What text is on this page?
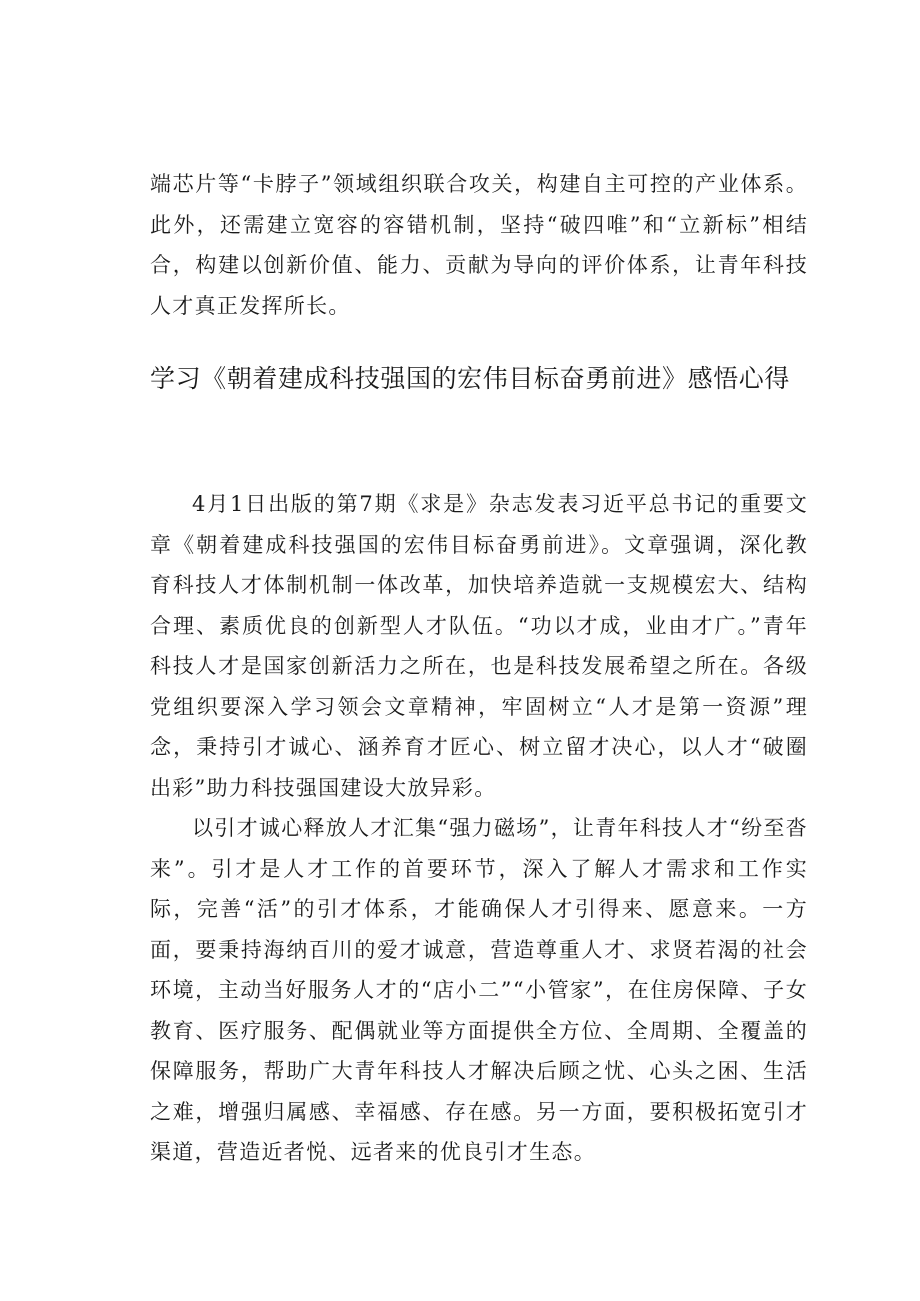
端芯片等“卡脖子”领域组织联合攻关，构建自主可控的产业体系。此外，还需建立宽容的容错机制，坚持“破四唯”和“立新标”相结合，构建以创新价值、能力、贡献为导向的评价体系，让青年科技人才真正发挥所长。

学习《朝着建成科技强国的宏伟目标奋勇前进》感悟心得

4月1日出版的第7期《求是》杂志发表习近平总书记的重要文章《朝着建成科技强国的宏伟目标奋勇前进》。文章强调，深化教育科技人才体制机制一体改革，加快培养造就一支规模宏大、结构合理、素质优良的创新型人才队伍。“功以才成，业由才广。”青年科技人才是国家创新活力之所在，也是科技发展希望之所在。各级党组织要深入学习领会文章精神，牢固树立“人才是第一资源”理念，秉持引才诚心、涵养育才匠心、树立留才决心，以人才“破圈出彩”助力科技强国建设大放异彩。

以引才诚心释放人才汇集“强力磁场”，让青年科技人才“纷至沓来”。引才是人才工作的首要环节，深入了解人才需求和工作实际，完善“活”的引才体系，才能确保人才引得来、愿意来。一方面，要秉持海纳百川的爱才诚意，营造尊重人才、求贤若渴的社会环境，主动当好服务人才的“店小二”“小管家”，在住房保障、子女教育、医疗服务、配偶就业等方面提供全方位、全周期、全覆盖的保障服务，帮助广大青年科技人才解决后顾之忧、心头之困、生活之难，增强归属感、幸福感、存在感。另一方面，要积极拓宽引才渠道，营造近者悦、远者来的优良引才生态。
